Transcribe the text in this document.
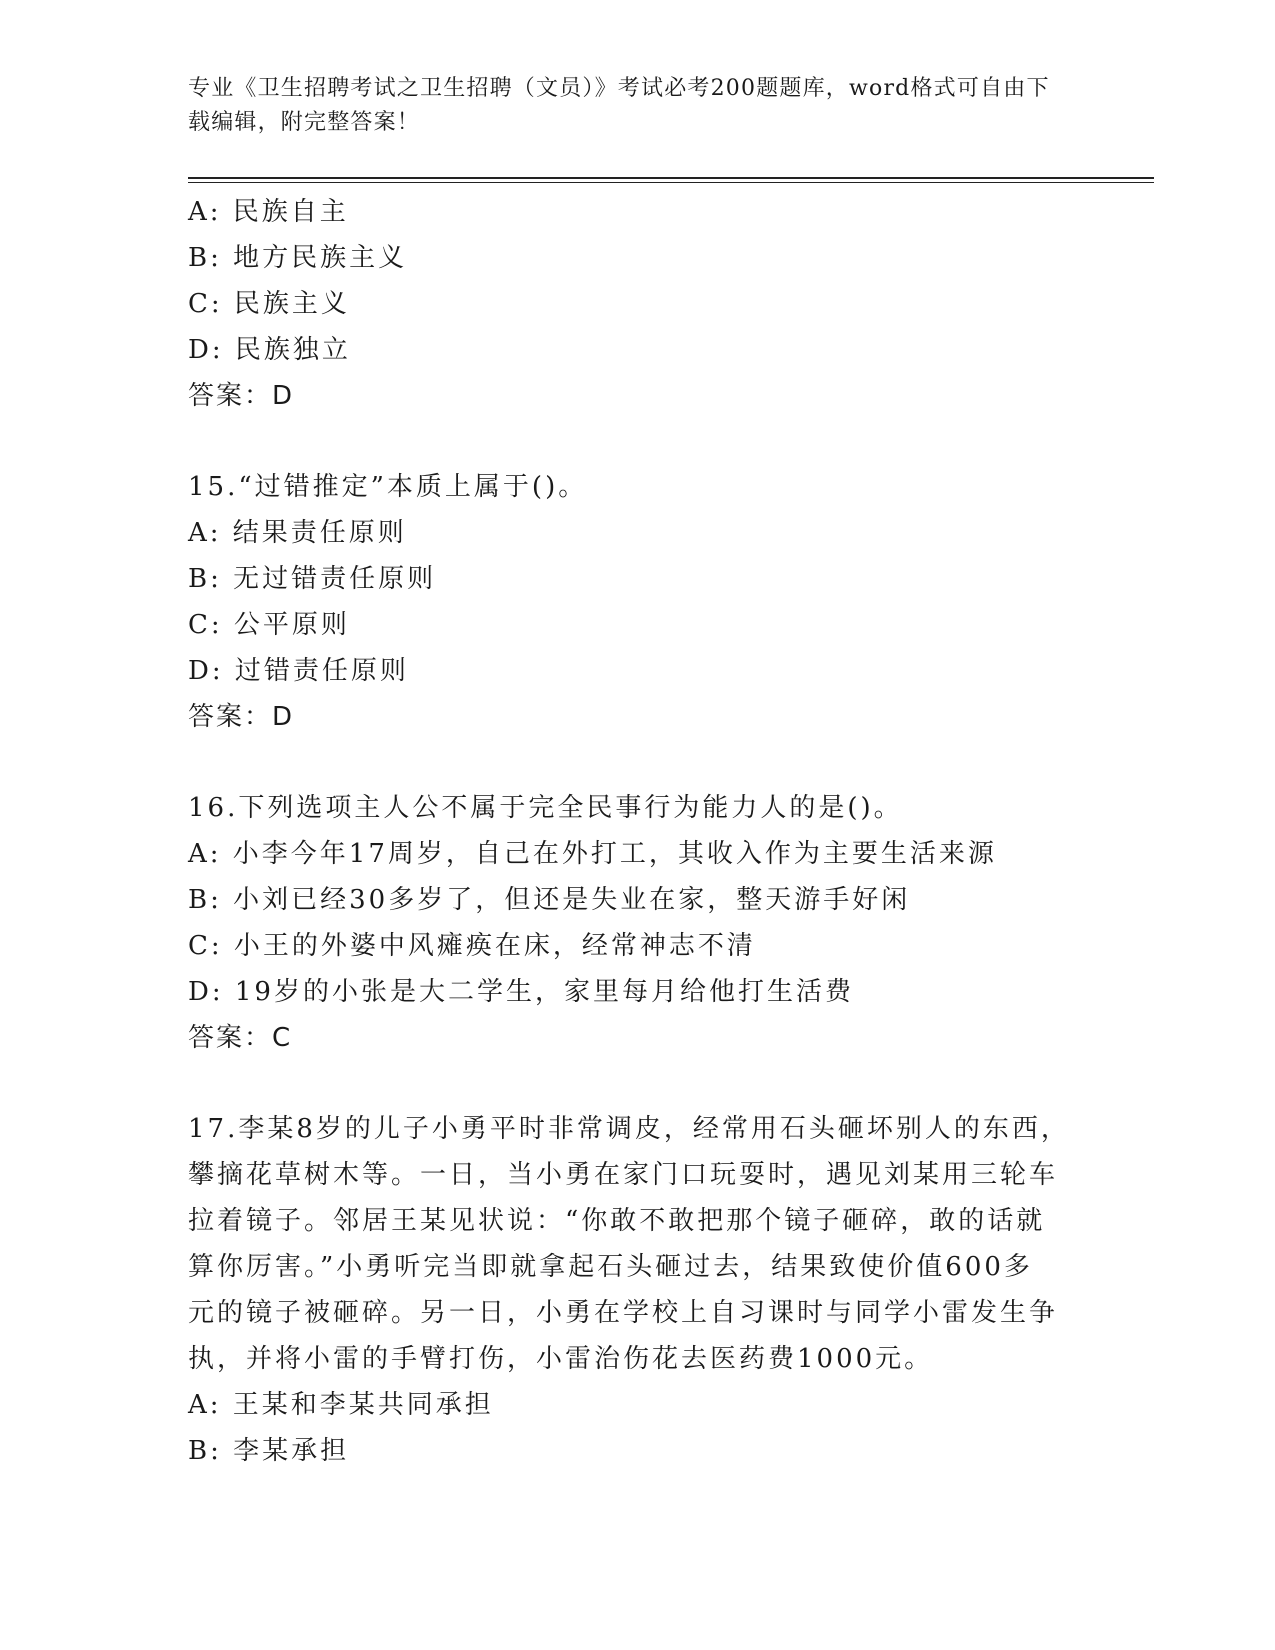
专业《卫生招聘考试之卫生招聘（文员）》考试必考200题题库，word格式可自由下载编辑，附完整答案！
A: 民族自主
B: 地方民族主义
C: 民族主义
D: 民族独立
答案：D
15.“过错推定”本质上属于()。
A: 结果责任原则
B: 无过错责任原则
C: 公平原则
D: 过错责任原则
答案：D
16.下列选项主人公不属于完全民事行为能力人的是()。
A: 小李今年17周岁，自己在外打工，其收入作为主要生活来源
B: 小刘已经30多岁了，但还是失业在家，整天游手好闲
C: 小王的外婆中风瘫痪在床，经常神志不清
D: 19岁的小张是大二学生，家里每月给他打生活费
答案：C
17.李某8岁的儿子小勇平时非常调皮，经常用石头砸坏别人的东西，
攀摘花草树木等。一日，当小勇在家门口玩耍时，遇见刘某用三轮车
拉着镜子。邻居王某见状说：“你敢不敢把那个镜子砸碎，敢的话就
算你厉害。”小勇听完当即就拿起石头砸过去，结果致使价值600多
元的镜子被砸碎。另一日，小勇在学校上自习课时与同学小雷发生争
执，并将小雷的手臂打伤，小雷治伤花去医药费1000元。
A: 王某和李某共同承担
B: 李某承担
